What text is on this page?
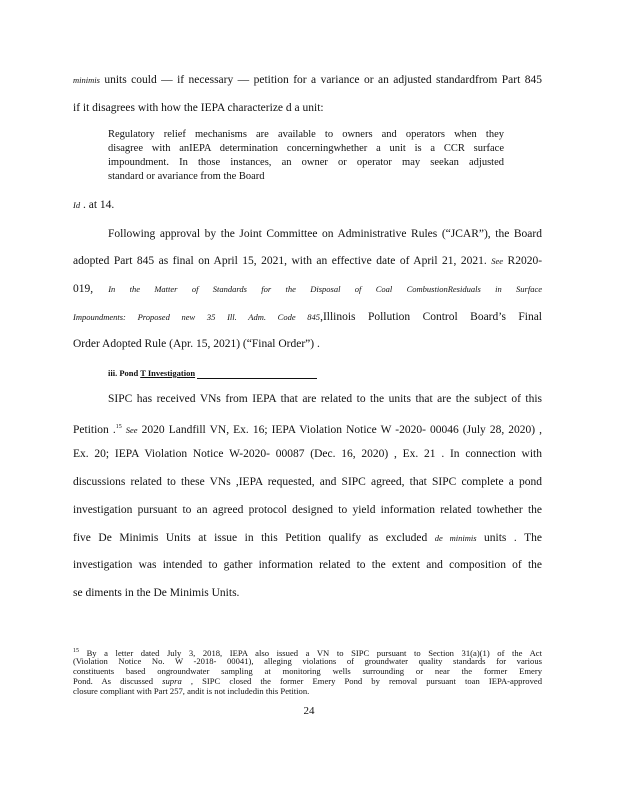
minimis units could — if necessary — petition for a variance or an adjusted standardfrom Part 845
if it disagrees with how the IEPA characterize d a unit:
Regulatory relief mechanisms are available to owners and operators when they
disagree with anIEPA determination concerningwhether a unit is a CCR surface
impoundment. In those instances, an owner or operator may seekan adjusted
standard or avariance from the Board
Id . at 14.
Following approval by the Joint Committee on Administrative Rules (“JCAR”), the Board
adopted Part 845 as final on April 15, 2021, with an effective date of April 21, 2021. See R2020-
019, In the Matter of Standards for the Disposal of Coal CombustionResiduals in Surface
Impoundments: Proposed new 35 Ill. Adm. Code 845,Illinois Pollution Control Board’s Final
Order Adopted Rule (Apr. 15, 2021) (“Final Order”) .
iii. Pond T Investigation
SIPC has received VNs from IEPA that are related to the units that are the subject of this
Petition .$^{15}$ See 2020 Landfill VN, Ex. 16; IEPA Violation Notice W -2020- 00046 (July 28, 2020) ,
Ex. 20; IEPA Violation Notice W-2020- 00087 (Dec. 16, 2020) , Ex. 21 . In connection with
discussions related to these VNs ,IEPA requested, and SIPC agreed, that SIPC complete a pond
investigation pursuant to an agreed protocol designed to yield information related towhether the
five De Minimis Units at issue in this Petition qualify as excluded de minimis units . The
investigation was intended to gather information related to the extent and composition of the
se diments in the De Minimis Units.
$^{15}$ By a letter dated July 3, 2018, IEPA also issued a VN to SIPC pursuant to Section 31(a)(1) of the Act
(Violation Notice No. W -2018- 00041), alleging violations of groundwater quality standards for various
constituents based ongroundwater sampling at monitoring wells surrounding or near the former Emery
Pond. As discussed supra , SIPC closed the former Emery Pond by removal pursuant toan IEPA-approved
closure compliant with Part 257, andit is not includedin this Petition.
24
